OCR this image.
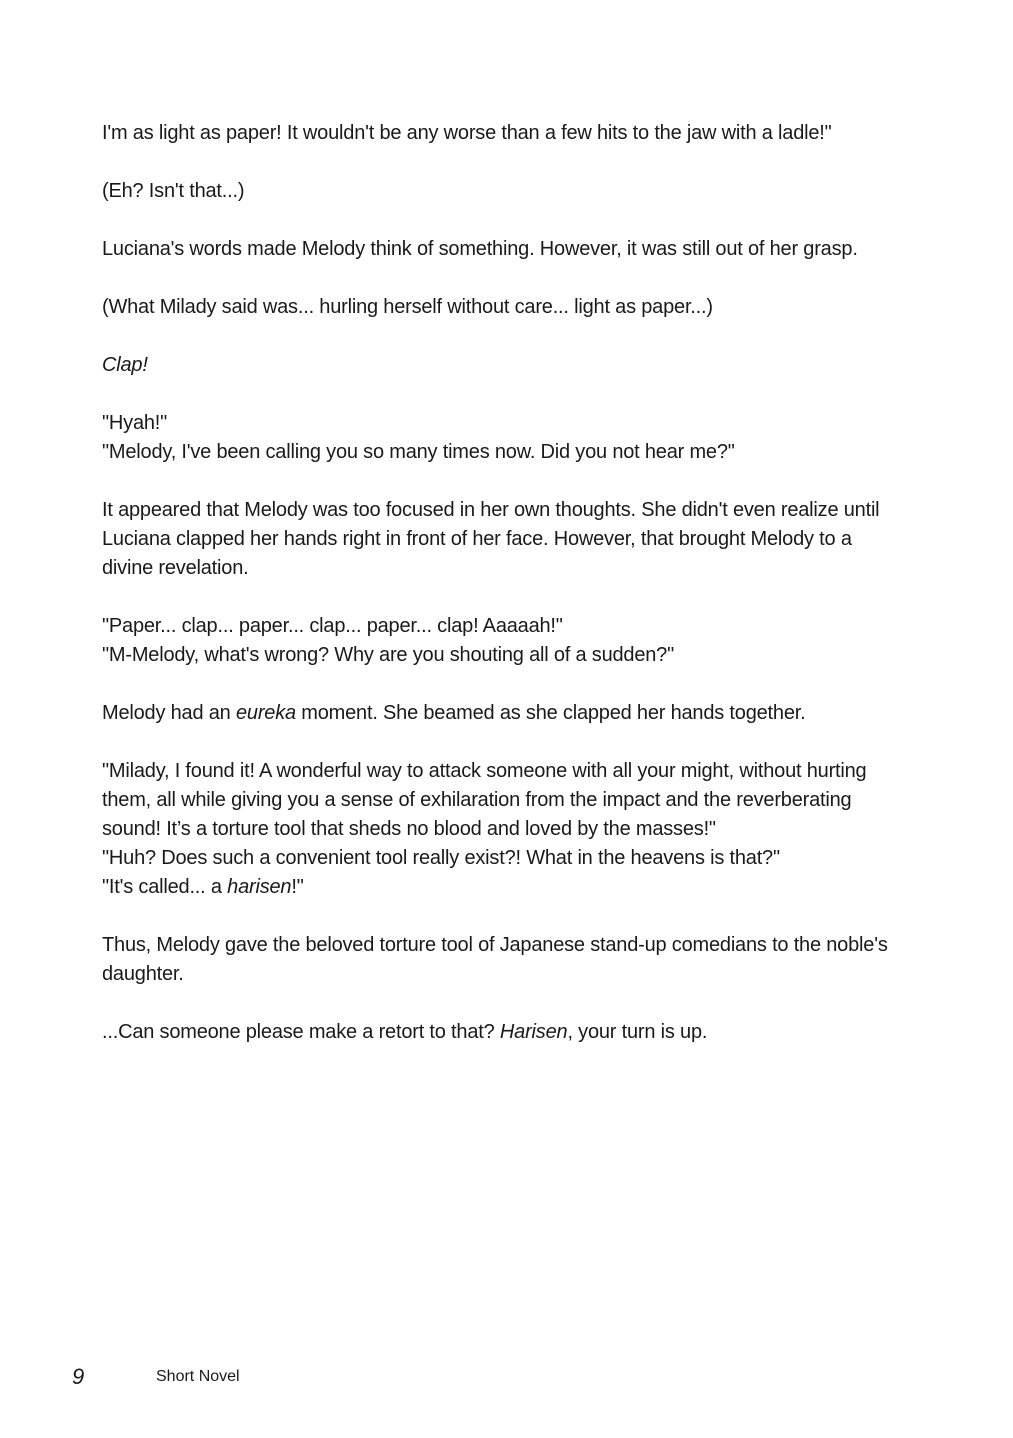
I'm as light as paper! It wouldn't be any worse than a few hits to the jaw with a ladle!"

(Eh? Isn't that...)

Luciana's words made Melody think of something. However, it was still out of her grasp.

(What Milady said was... hurling herself without care... light as paper...)

Clap!

"Hyah!"
"Melody, I've been calling you so many times now. Did you not hear me?"

It appeared that Melody was too focused in her own thoughts. She didn't even realize until Luciana clapped her hands right in front of her face. However, that brought Melody to a divine revelation.

"Paper... clap... paper... clap... paper... clap! Aaaaah!"
"M-Melody, what's wrong? Why are you shouting all of a sudden?"

Melody had an eureka moment. She beamed as she clapped her hands together.

"Milady, I found it! A wonderful way to attack someone with all your might, without hurting them, all while giving you a sense of exhilaration from the impact and the reverberating sound! It’s a torture tool that sheds no blood and loved by the masses!"
"Huh? Does such a convenient tool really exist?! What in the heavens is that?"
"It's called... a harisen!"

Thus, Melody gave the beloved torture tool of Japanese stand-up comedians to the noble's daughter.

...Can someone please make a retort to that? Harisen, your turn is up.

9	Short Novel
